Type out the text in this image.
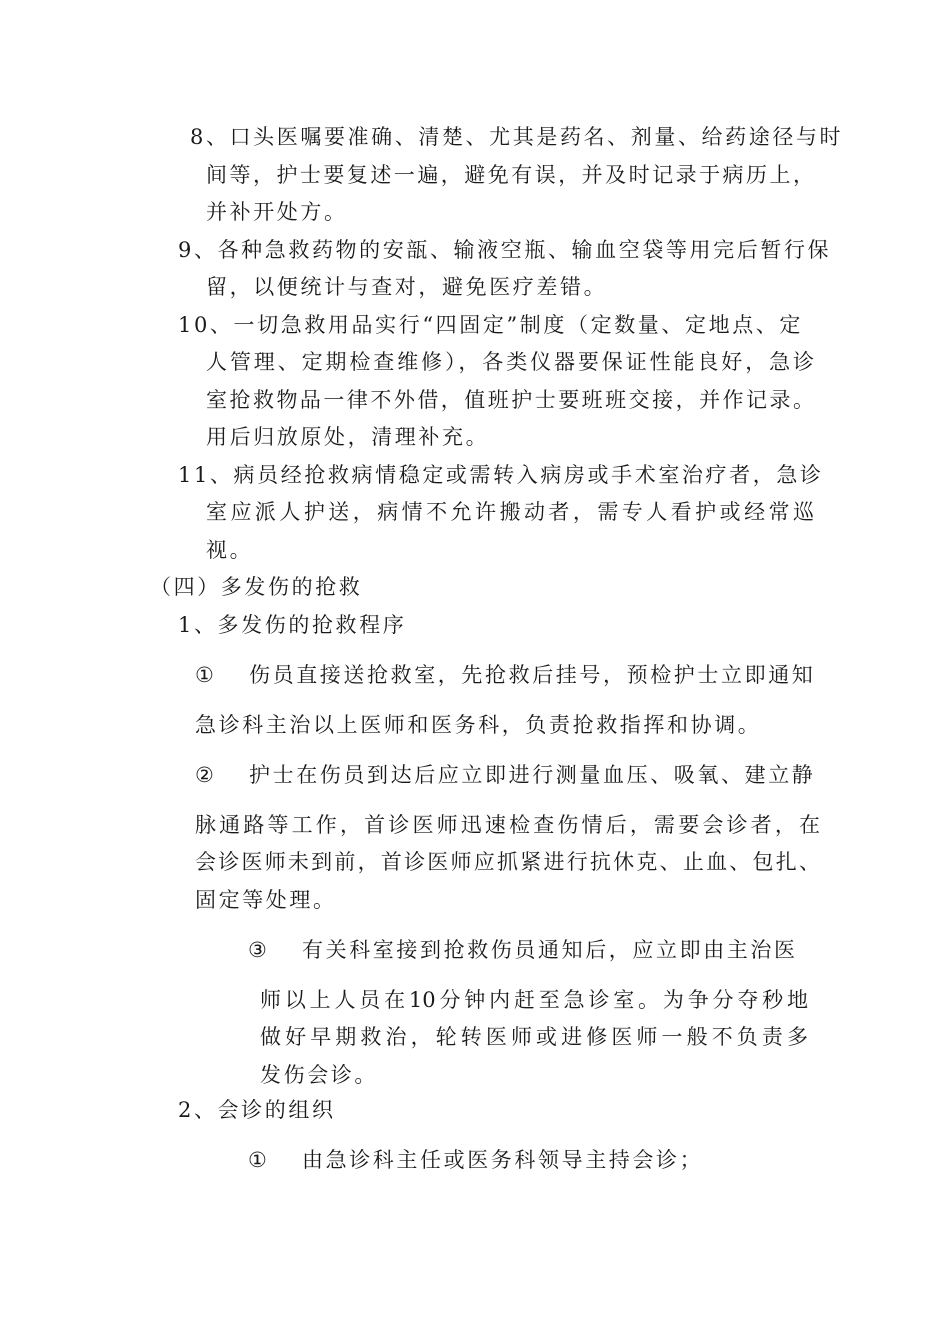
8、口头医嘱要准确、清楚、尤其是药名、剂量、给药途径与时
间等，护士要复述一遍，避免有误，并及时记录于病历上，
并补开处方。
9、各种急救药物的安瓿、输液空瓶、输血空袋等用完后暂行保
留，以便统计与查对，避免医疗差错。
10、一切急救用品实行“四固定”制度（定数量、定地点、定
人管理、定期检查维修），各类仪器要保证性能良好，急诊
室抢救物品一律不外借，值班护士要班班交接，并作记录。
用后归放原处，清理补充。
11、病员经抢救病情稳定或需转入病房或手术室治疗者，急诊
室应派人护送，病情不允许搬动者，需专人看护或经常巡
视。
（四）多发伤的抢救
1、多发伤的抢救程序
① 伤员直接送抢救室，先抢救后挂号，预检护士立即通知
急诊科主治以上医师和医务科，负责抢救指挥和协调。
② 护士在伤员到达后应立即进行测量血压、吸氧、建立静
脉通路等工作，首诊医师迅速检查伤情后，需要会诊者，在
会诊医师未到前，首诊医师应抓紧进行抗休克、止血、包扎、
固定等处理。
③ 有关科室接到抢救伤员通知后，应立即由主治医
师以上人员在10分钟内赶至急诊室。为争分夺秒地
做好早期救治，轮转医师或进修医师一般不负责多
发伤会诊。
2、会诊的组织
① 由急诊科主任或医务科领导主持会诊；
